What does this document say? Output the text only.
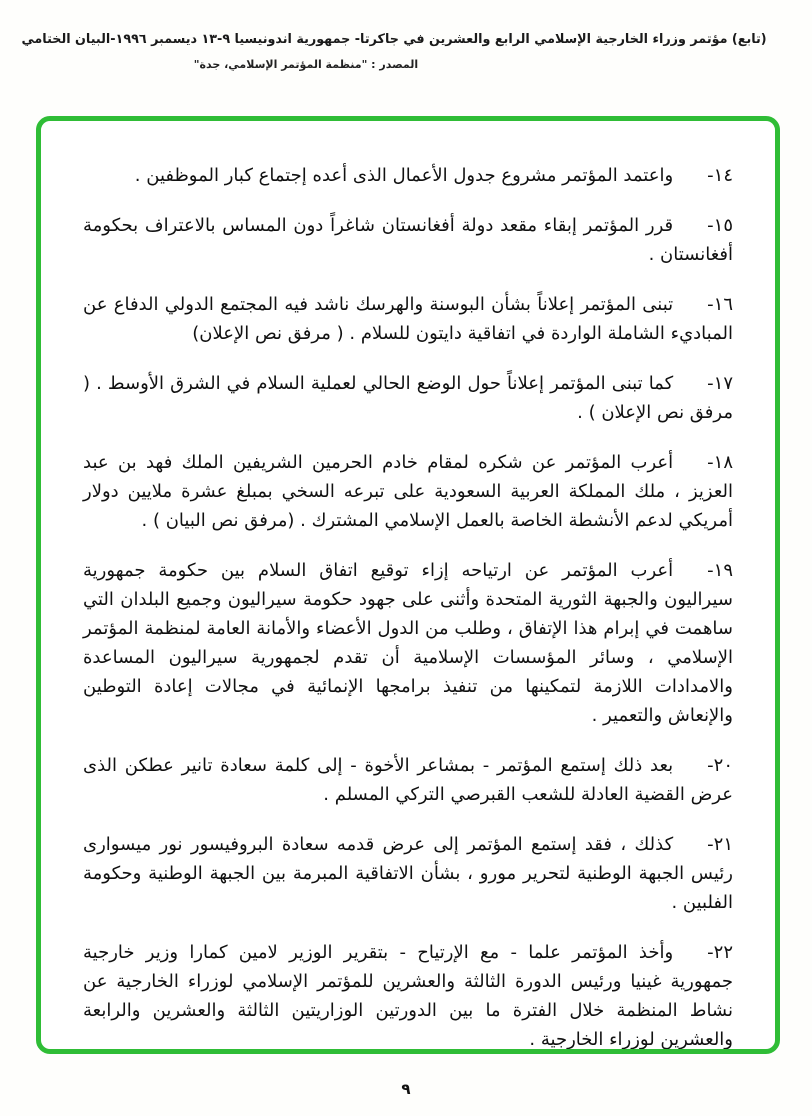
(تابع) مؤتمر وزراء الخارجية الإسلامي الرابع والعشرين في جاكرتا- جمهورية اندونيسيا ٩-١٣ ديسمبر ١٩٩٦-البيان الختامي
المصدر : "منظمة المؤتمر الإسلامي، جدة"
١٤-واعتمد المؤتمر مشروع جدول الأعمال الذى أعده إجتماع كبار الموظفين .
١٥-قرر المؤتمر إبقاء مقعد دولة أفغانستان شاغراً دون المساس بالاعتراف بحكومة أفغانستان .
١٦-تبنى المؤتمر إعلاناً بشأن البوسنة والهرسك ناشد فيه المجتمع الدولي الدفاع عن المباديء الشاملة الواردة في اتفاقية دايتون للسلام . ( مرفق نص الإعلان)
١٧-كما تبنى المؤتمر إعلاناً حول الوضع الحالي لعملية السلام في الشرق الأوسط . ( مرفق نص الإعلان ) .
١٨-أعرب المؤتمر عن شكره لمقام خادم الحرمين الشريفين الملك فهد بن عبد العزيز ، ملك المملكة العربية السعودية على تبرعه السخي بمبلغ عشرة ملايين دولار أمريكي لدعم الأنشطة الخاصة بالعمل الإسلامي المشترك . (مرفق نص البيان ) .
١٩-أعرب المؤتمر عن ارتياحه إزاء توقيع اتفاق السلام بين حكومة جمهورية سيراليون والجبهة الثورية المتحدة وأثنى على جهود حكومة سيراليون وجميع البلدان التي ساهمت في إبرام هذا الإتفاق ، وطلب من الدول الأعضاء والأمانة العامة لمنظمة المؤتمر الإسلامي ، وسائر المؤسسات الإسلامية أن تقدم لجمهورية سيراليون المساعدة والامدادات اللازمة لتمكينها من تنفيذ برامجها الإنمائية في مجالات إعادة التوطين والإنعاش والتعمير .
٢٠-بعد ذلك إستمع المؤتمر - بمشاعر الأخوة - إلى كلمة سعادة تانير عطكن الذى عرض القضية العادلة للشعب القبرصي التركي المسلم .
٢١-كذلك ، فقد إستمع المؤتمر إلى عرض قدمه سعادة البروفيسور نور ميسوارى رئيس الجبهة الوطنية لتحرير مورو ، بشأن الاتفاقية المبرمة بين الجبهة الوطنية وحكومة الفلبين .
٢٢-وأخذ المؤتمر علما - مع الإرتياح - بتقرير الوزير لامين كمارا وزير خارجية جمهورية غينيا ورئيس الدورة الثالثة والعشرين للمؤتمر الإسلامي لوزراء الخارجية عن نشاط المنظمة خلال الفترة ما بين الدورتين الوزاريتين الثالثة والعشرين والرابعة والعشرين لوزراء الخارجية .
٩
